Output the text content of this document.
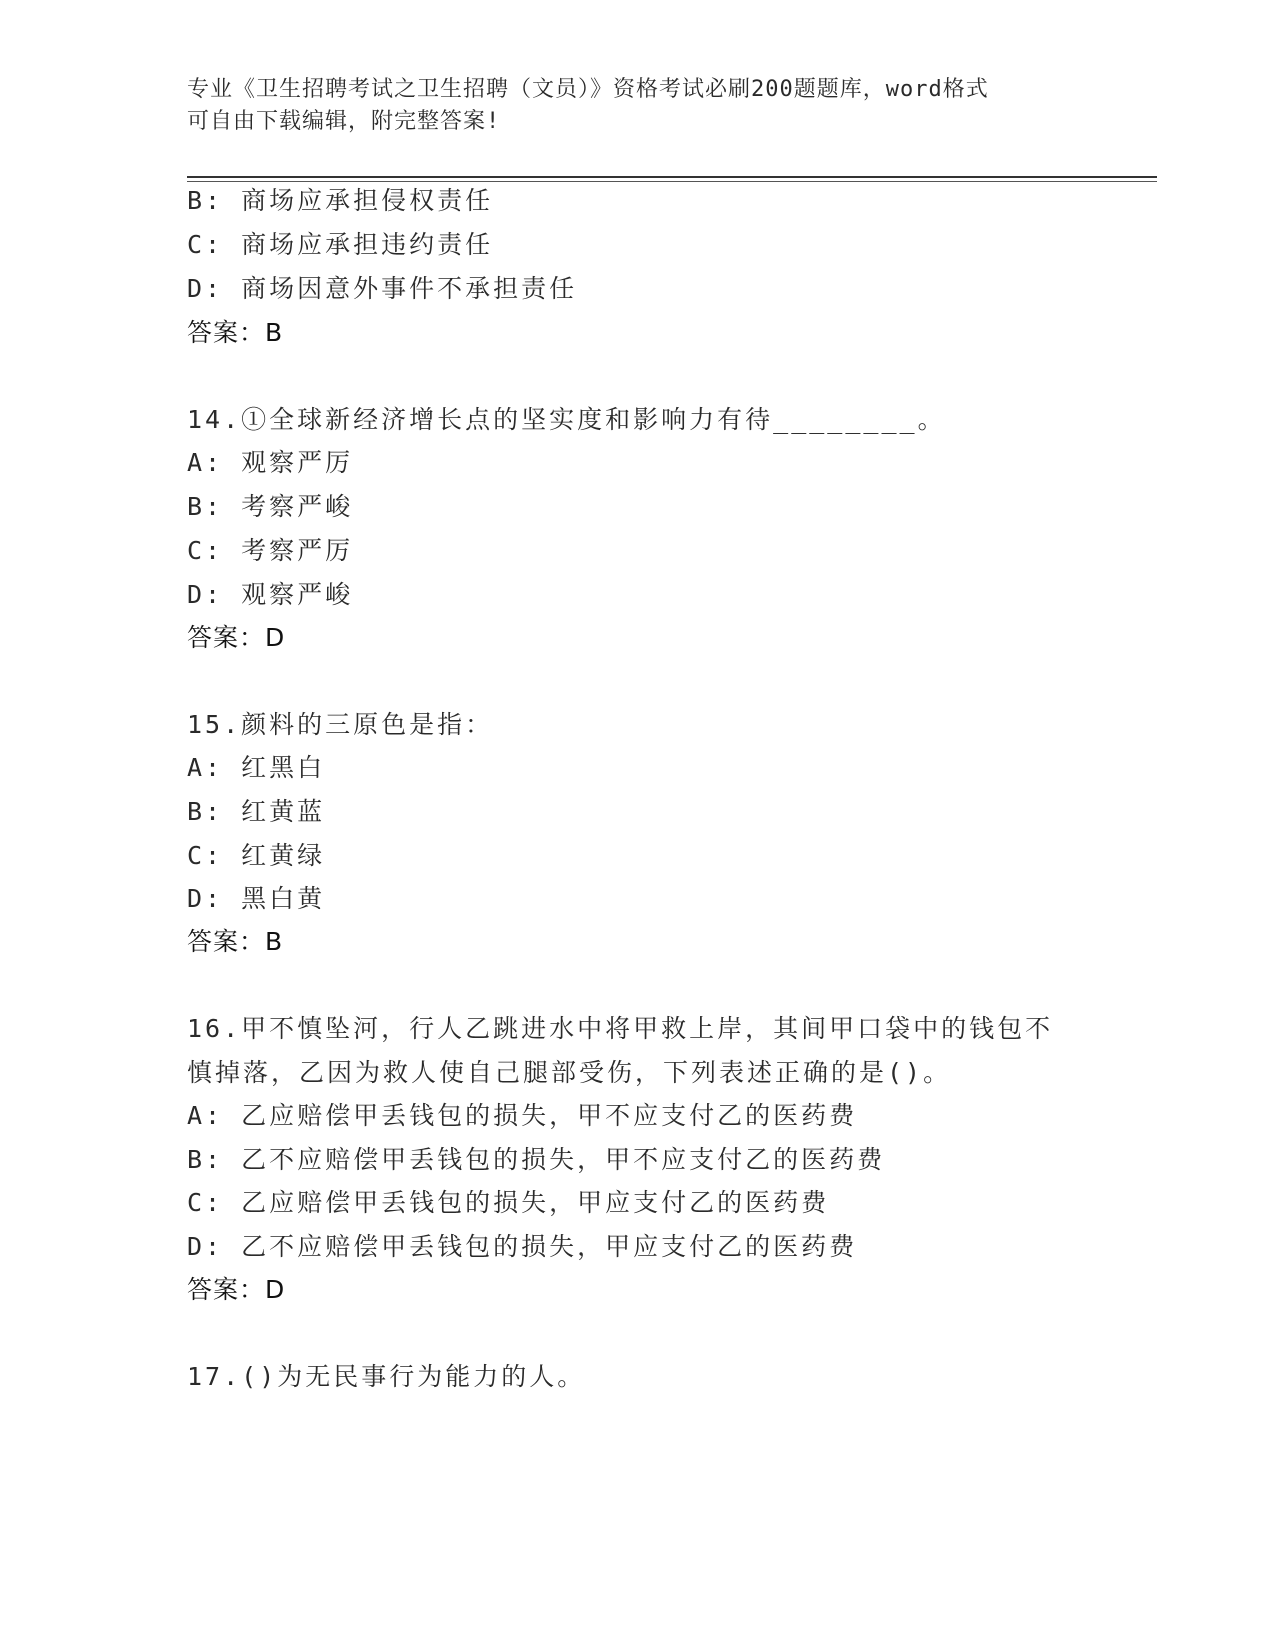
专业《卫生招聘考试之卫生招聘（文员）》资格考试必刷200题题库，word格式
可自由下载编辑，附完整答案!
B: 商场应承担侵权责任
C: 商场应承担违约责任
D: 商场因意外事件不承担责任
答案：B
14.①全球新经济增长点的坚实度和影响力有待________。
A: 观察严厉
B: 考察严峻
C: 考察严厉
D: 观察严峻
答案：D
15.颜料的三原色是指：
A: 红黑白
B: 红黄蓝
C: 红黄绿
D: 黑白黄
答案：B
16.甲不慎坠河，行人乙跳进水中将甲救上岸，其间甲口袋中的钱包不
慎掉落，乙因为救人使自己腿部受伤，下列表述正确的是()。
A: 乙应赔偿甲丢钱包的损失，甲不应支付乙的医药费
B: 乙不应赔偿甲丢钱包的损失，甲不应支付乙的医药费
C: 乙应赔偿甲丢钱包的损失，甲应支付乙的医药费
D: 乙不应赔偿甲丢钱包的损失，甲应支付乙的医药费
答案：D
17.()为无民事行为能力的人。
